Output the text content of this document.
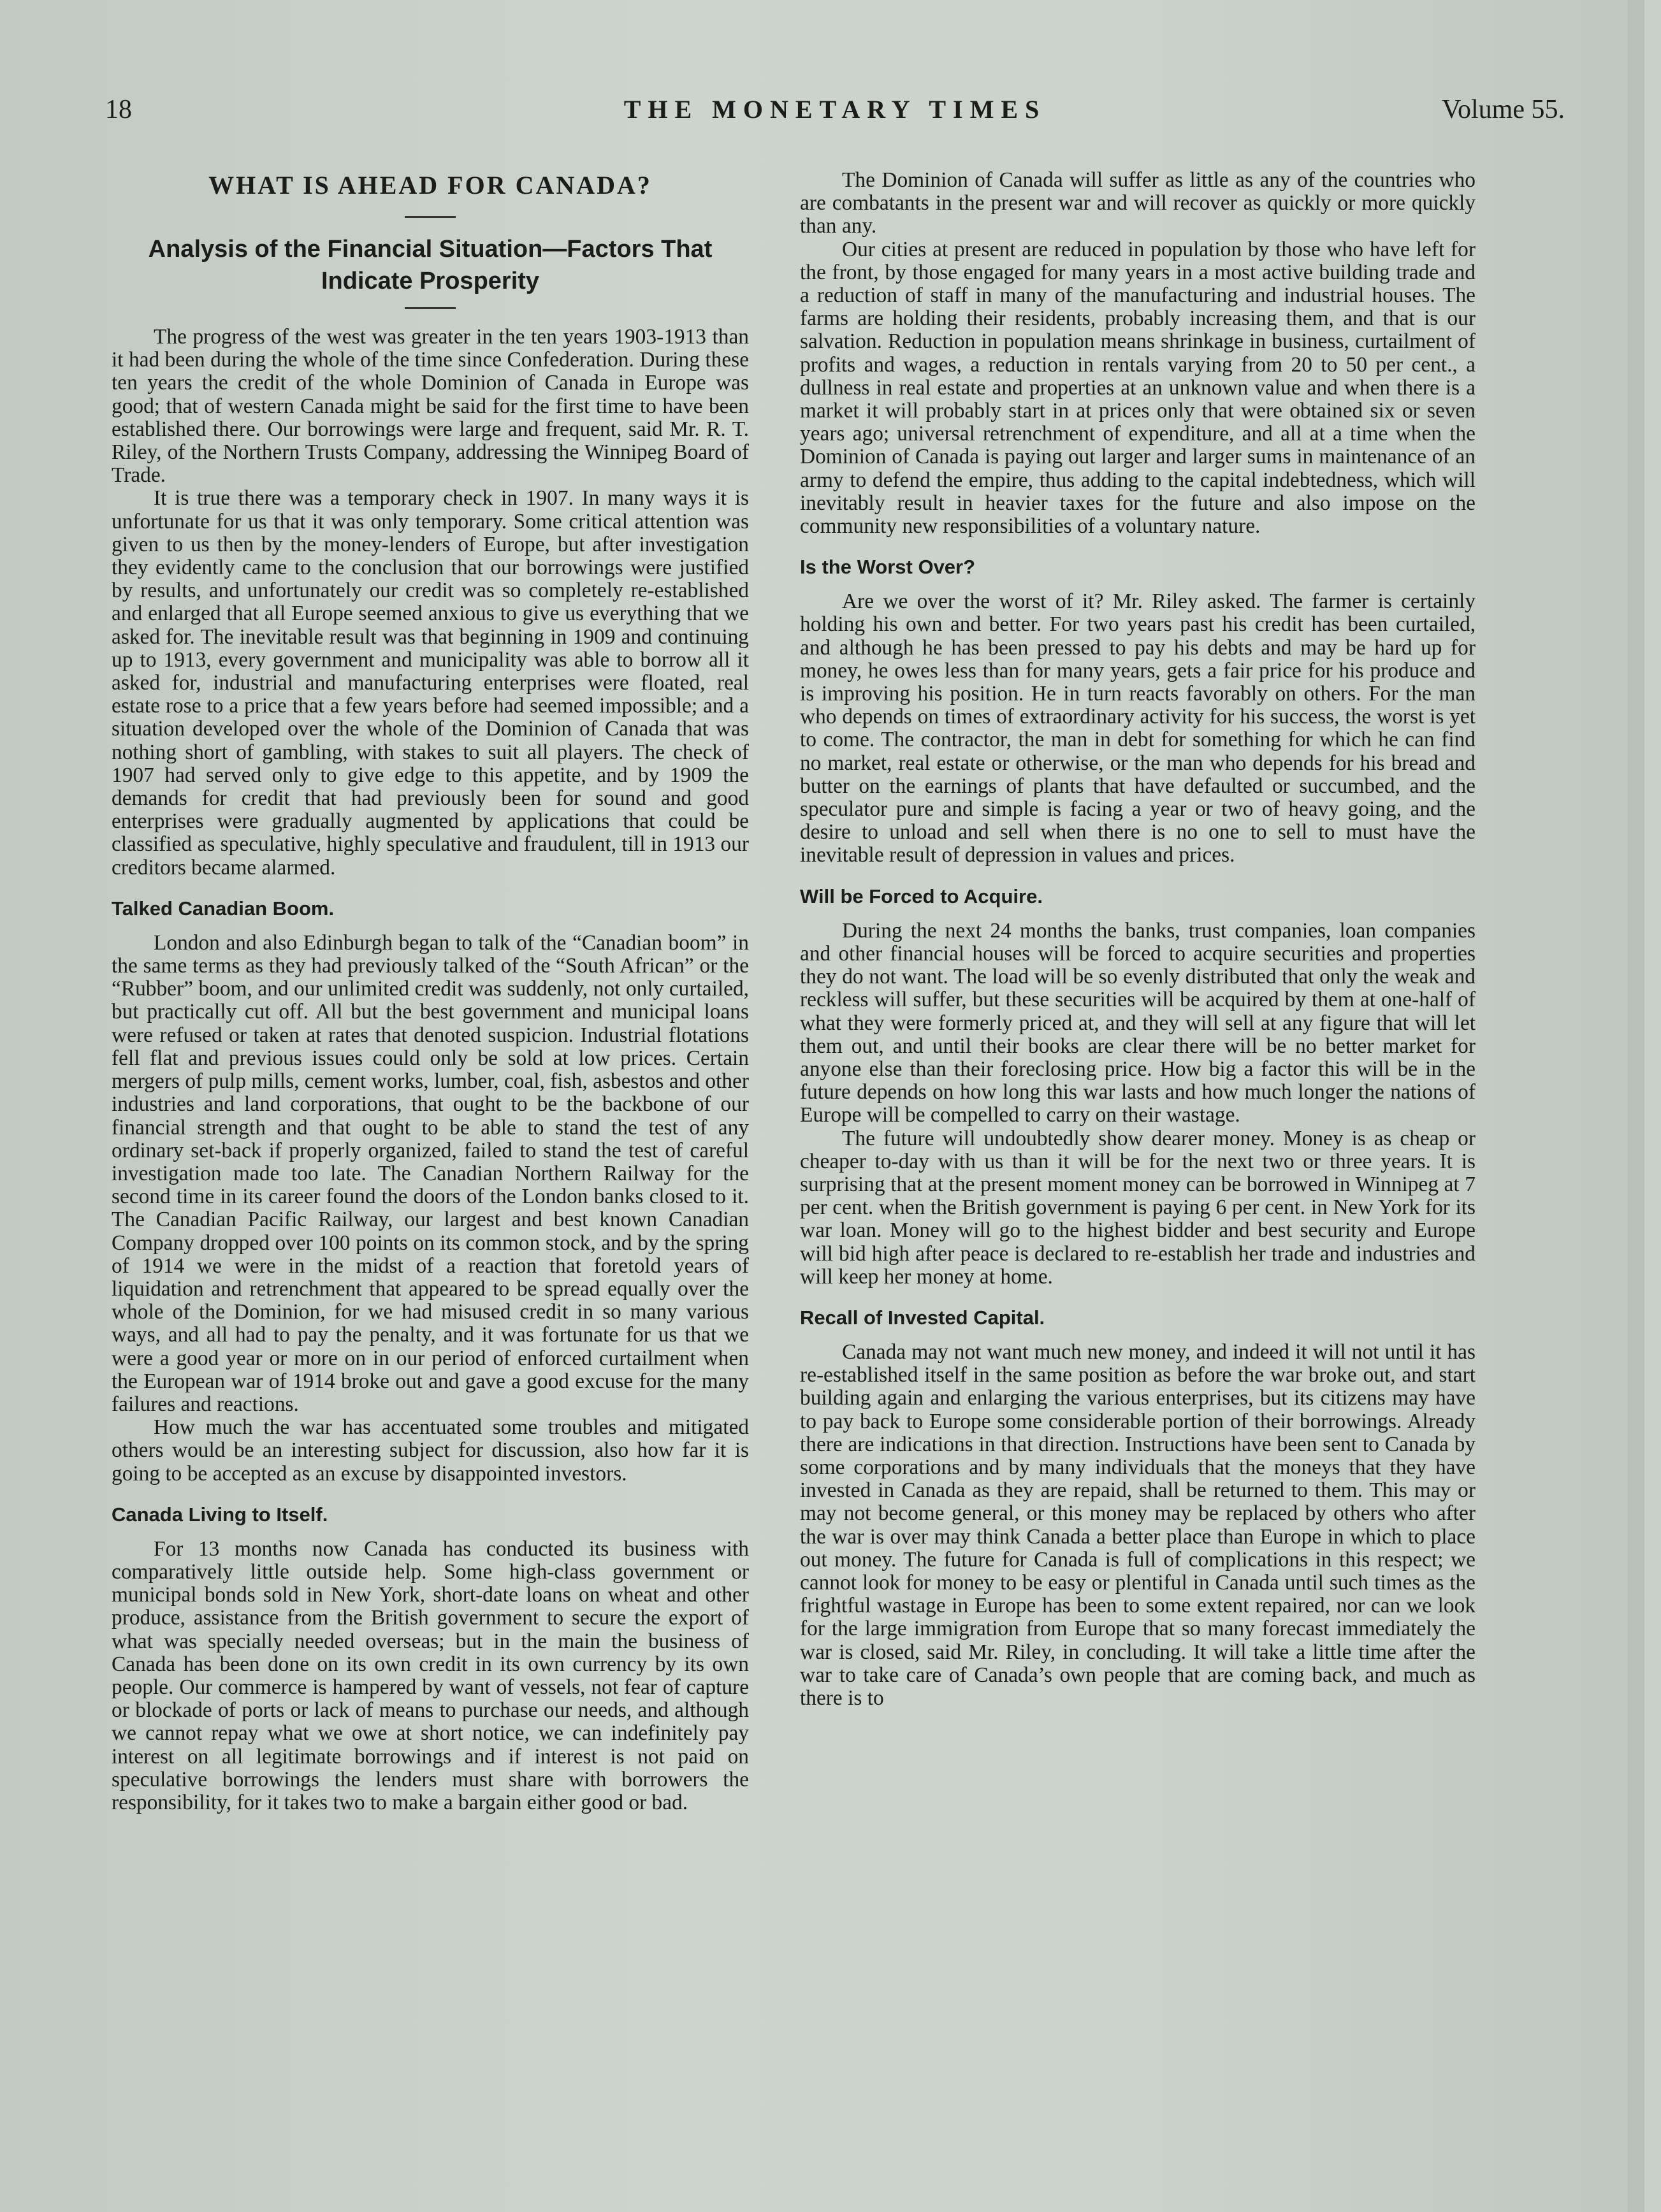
18	THE MONETARY TIMES	Volume 55.
WHAT IS AHEAD FOR CANADA?
Analysis of the Financial Situation—Factors That Indicate Prosperity

The progress of the west was greater in the ten years 1903-1913 than it had been during the whole of the time since Confederation. During these ten years the credit of the whole Dominion of Canada in Europe was good; that of western Canada might be said for the first time to have been established there. Our borrowings were large and frequent, said Mr. R. T. Riley, of the Northern Trusts Company, addressing the Winnipeg Board of Trade.

It is true there was a temporary check in 1907. In many ways it is unfortunate for us that it was only temporary. Some critical attention was given to us then by the money-lenders of Europe, but after investigation they evidently came to the conclusion that our borrowings were justified by results, and unfortunately our credit was so completely re-established and enlarged that all Europe seemed anxious to give us everything that we asked for. The inevitable result was that beginning in 1909 and continuing up to 1913, every government and municipality was able to borrow all it asked for, industrial and manufacturing enterprises were floated, real estate rose to a price that a few years before had seemed impossible; and a situation developed over the whole of the Dominion of Canada that was nothing short of gambling, with stakes to suit all players. The check of 1907 had served only to give edge to this appetite, and by 1909 the demands for credit that had previously been for sound and good enterprises were gradually augmented by applications that could be classified as speculative, highly speculative and fraudulent, till in 1913 our creditors became alarmed.

Talked Canadian Boom.

London and also Edinburgh began to talk of the “Canadian boom” in the same terms as they had previously talked of the “South African” or the “Rubber” boom, and our unlimited credit was suddenly, not only curtailed, but practically cut off. All but the best government and municipal loans were refused or taken at rates that denoted suspicion. Industrial flotations fell flat and previous issues could only be sold at low prices. Certain mergers of pulp mills, cement works, lumber, coal, fish, asbestos and other industries and land corporations, that ought to be the backbone of our financial strength and that ought to be able to stand the test of any ordinary set-back if properly organized, failed to stand the test of careful investigation made too late. The Canadian Northern Railway for the second time in its career found the doors of the London banks closed to it. The Canadian Pacific Railway, our largest and best known Canadian Company dropped over 100 points on its common stock, and by the spring of 1914 we were in the midst of a reaction that foretold years of liquidation and retrenchment that appeared to be spread equally over the whole of the Dominion, for we had misused credit in so many various ways, and all had to pay the penalty, and it was fortunate for us that we were a good year or more on in our period of enforced curtailment when the European war of 1914 broke out and gave a good excuse for the many failures and reactions.

How much the war has accentuated some troubles and mitigated others would be an interesting subject for discussion, also how far it is going to be accepted as an excuse by disappointed investors.

Canada Living to Itself.

For 13 months now Canada has conducted its business with comparatively little outside help. Some high-class government or municipal bonds sold in New York, short-date loans on wheat and other produce, assistance from the British government to secure the export of what was specially needed overseas; but in the main the business of Canada has been done on its own credit in its own currency by its own people. Our commerce is hampered by want of vessels, not fear of capture or blockade of ports or lack of means to purchase our needs, and although we cannot repay what we owe at short notice, we can indefinitely pay interest on all legitimate borrowings and if interest is not paid on speculative borrowings the lenders must share with borrowers the responsibility, for it takes two to make a bargain either good or bad.

The Dominion of Canada will suffer as little as any of the countries who are combatants in the present war and will recover as quickly or more quickly than any.

Our cities at present are reduced in population by those who have left for the front, by those engaged for many years in a most active building trade and a reduction of staff in many of the manufacturing and industrial houses. The farms are holding their residents, probably increasing them, and that is our salvation. Reduction in population means shrinkage in business, curtailment of profits and wages, a reduction in rentals varying from 20 to 50 per cent., a dullness in real estate and properties at an unknown value and when there is a market it will probably start in at prices only that were obtained six or seven years ago; universal retrenchment of expenditure, and all at a time when the Dominion of Canada is paying out larger and larger sums in maintenance of an army to defend the empire, thus adding to the capital indebtedness, which will inevitably result in heavier taxes for the future and also impose on the community new responsibilities of a voluntary nature.

Is the Worst Over?

Are we over the worst of it? Mr. Riley asked. The farmer is certainly holding his own and better. For two years past his credit has been curtailed, and although he has been pressed to pay his debts and may be hard up for money, he owes less than for many years, gets a fair price for his produce and is improving his position. He in turn reacts favorably on others. For the man who depends on times of extraordinary activity for his success, the worst is yet to come. The contractor, the man in debt for something for which he can find no market, real estate or otherwise, or the man who depends for his bread and butter on the earnings of plants that have defaulted or succumbed, and the speculator pure and simple is facing a year or two of heavy going, and the desire to unload and sell when there is no one to sell to must have the inevitable result of depression in values and prices.

Will be Forced to Acquire.

During the next 24 months the banks, trust companies, loan companies and other financial houses will be forced to acquire securities and properties they do not want. The load will be so evenly distributed that only the weak and reckless will suffer, but these securities will be acquired by them at one-half of what they were formerly priced at, and they will sell at any figure that will let them out, and until their books are clear there will be no better market for anyone else than their foreclosing price. How big a factor this will be in the future depends on how long this war lasts and how much longer the nations of Europe will be compelled to carry on their wastage.

The future will undoubtedly show dearer money. Money is as cheap or cheaper to-day with us than it will be for the next two or three years. It is surprising that at the present moment money can be borrowed in Winnipeg at 7 per cent. when the British government is paying 6 per cent. in New York for its war loan. Money will go to the highest bidder and best security and Europe will bid high after peace is declared to re-establish her trade and industries and will keep her money at home.

Recall of Invested Capital.

Canada may not want much new money, and indeed it will not until it has re-established itself in the same position as before the war broke out, and start building again and enlarging the various enterprises, but its citizens may have to pay back to Europe some considerable portion of their borrowings. Already there are indications in that direction. Instructions have been sent to Canada by some corporations and by many individuals that the moneys that they have invested in Canada as they are repaid, shall be returned to them. This may or may not become general, or this money may be replaced by others who after the war is over may think Canada a better place than Europe in which to place out money. The future for Canada is full of complications in this respect; we cannot look for money to be easy or plentiful in Canada until such times as the frightful wastage in Europe has been to some extent repaired, nor can we look for the large immigration from Europe that so many forecast immediately the war is closed, said Mr. Riley, in concluding. It will take a little time after the war to take care of Canada’s own people that are coming back, and much as there is to
